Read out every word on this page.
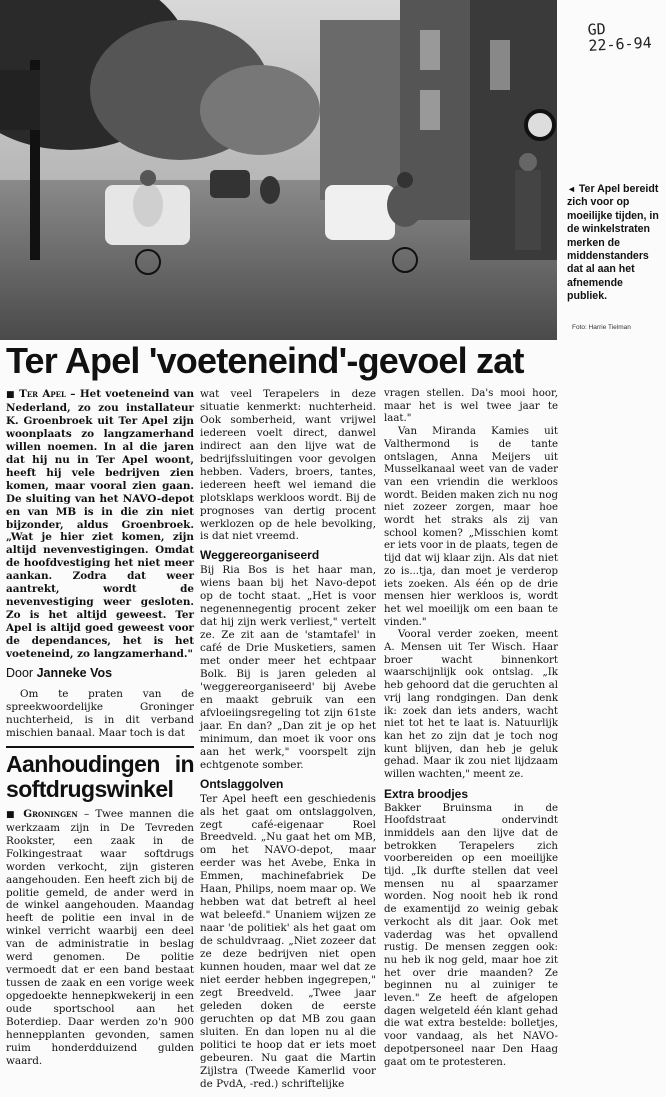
GD
22-6-94
◄ Ter Apel bereidt zich voor op moeilijke tijden, in de winkelstraten merken de middenstanders dat al aan het afnemende publiek.
Foto: Harrie Tielman
Ter Apel 'voeteneind'-gevoel zat

■ Ter Apel – Het voeteneind van Nederland, zo zou installateur K. Groenbroek uit Ter Apel zijn woonplaats zo langzamerhand willen noemen. In al die jaren dat hij nu in Ter Apel woont, heeft hij vele bedrijven zien komen, maar vooral zien gaan. De sluiting van het NAVO-depot en van MB is in die zin niet bijzonder, aldus Groenbroek. „Wat je hier ziet komen, zijn altijd nevenvestigingen. Omdat de hoofdvestiging het niet meer aankan. Zodra dat weer aantrekt, wordt de nevenvestiging weer gesloten. Zo is het altijd geweest. Ter Apel is altijd goed geweest voor de dependances, het is het voeteneind, zo langzamerhand."

Door Janneke Vos

Om te praten van de spreekwoordelijke Groninger nuchterheid, is in dit verband mischien banaal. Maar toch is dat

Aanhoudingen in softdrugswinkel

■ Groningen – Twee mannen die werkzaam zijn in De Tevreden Rookster, een zaak in de Folkingestraat waar softdrugs worden verkocht, zijn gisteren aangehouden. Een heeft zich bij de politie gemeld, de ander werd in de winkel aangehouden. Maandag heeft de politie een inval in de winkel verricht waarbij een deel van de administratie in beslag werd genomen. De politie vermoedt dat er een band bestaat tussen de zaak en een vorige week opgedoekte hennepkwekerij in een oude sportschool aan het Boterdiep. Daar werden zo'n 900 hennepplanten gevonden, samen ruim honderdduizend gulden waard.

wat veel Terapelers in deze situatie kenmerkt: nuchterheid. Ook somberheid, want vrijwel iedereen voelt direct, danwel indirect aan den lijve wat de bedrijfssluitingen voor gevolgen hebben. Vaders, broers, tantes, iedereen heeft wel iemand die plotsklaps werkloos wordt. Bij de prognoses van dertig procent werklozen op de hele bevolking, is dat niet vreemd.

Weggereorganiseerd

Bij Ria Bos is het haar man, wiens baan bij het Navo-depot op de tocht staat. „Het is voor negenennegentig procent zeker dat hij zijn werk verliest," vertelt ze. Ze zit aan de 'stamtafel' in café de Drie Musketiers, samen met onder meer het echtpaar Bolk. Bij is jaren geleden al 'weggereorganiseerd' bij Avebe en maakt gebruik van een afvloeiingsregeling tot zijn 61ste jaar. En dan? „Dan zit je op het minimum, dan moet ik voor ons aan het werk," voorspelt zijn echtgenote somber.

Ontslaggolven

Ter Apel heeft een geschiedenis als het gaat om ontslaggolven, zegt café-eigenaar Roel Breedveld. „Nu gaat het om MB, om het NAVO-depot, maar eerder was het Avebe, Enka in Emmen, machinefabriek De Haan, Philips, noem maar op. We hebben wat dat betreft al heel wat beleefd." Unaniem wijzen ze naar 'de politiek' als het gaat om de schuldvraag. „Niet zozeer dat ze deze bedrijven niet open kunnen houden, maar wel dat ze niet eerder hebben ingegrepen," zegt Breedveld. „Twee jaar geleden doken de eerste geruchten op dat MB zou gaan sluiten. En dan lopen nu al die politici te hoop dat er iets moet gebeuren. Nu gaat die Martin Zijlstra (Tweede Kamerlid voor de PvdA, -red.) schriftelijke

vragen stellen. Da's mooi hoor, maar het is wel twee jaar te laat."

Van Miranda Kamies uit Valthermond is de tante ontslagen, Anna Meijers uit Musselkanaal weet van de vader van een vriendin die werkloos wordt. Beiden maken zich nu nog niet zozeer zorgen, maar hoe wordt het straks als zij van school komen? „Misschien komt er iets voor in de plaats, tegen de tijd dat wij klaar zijn. Als dat niet zo is...tja, dan moet je verderop iets zoeken. Als één op de drie mensen hier werkloos is, wordt het wel moeilijk om een baan te vinden."

Vooral verder zoeken, meent A. Mensen uit Ter Wisch. Haar broer wacht binnenkort waarschijnlijk ook ontslag. „Ik heb gehoord dat die geruchten al vrij lang rondgingen. Dan denk ik: zoek dan iets anders, wacht niet tot het te laat is. Natuurlijk kan het zo zijn dat je toch nog kunt blijven, dan heb je geluk gehad. Maar ik zou niet lijdzaam willen wachten," meent ze.

Extra broodjes

Bakker Bruinsma in de Hoofdstraat ondervindt inmiddels aan den lijve dat de betrokken Terapelers zich voorbereiden op een moeilijke tijd. „Ik durfte stellen dat veel mensen nu al spaarzamer worden. Nog nooit heb ik rond de examentijd zo weinig gebak verkocht als dit jaar. Ook met vaderdag was het opvallend rustig. De mensen zeggen ook: nu heb ik nog geld, maar hoe zit het over drie maanden? Ze beginnen nu al zuiniger te leven." Ze heeft de afgelopen dagen welgeteld één klant gehad die wat extra bestelde: bolletjes, voor vandaag, als het NAVO-depotpersoneel naar Den Haag gaat om te protesteren.
